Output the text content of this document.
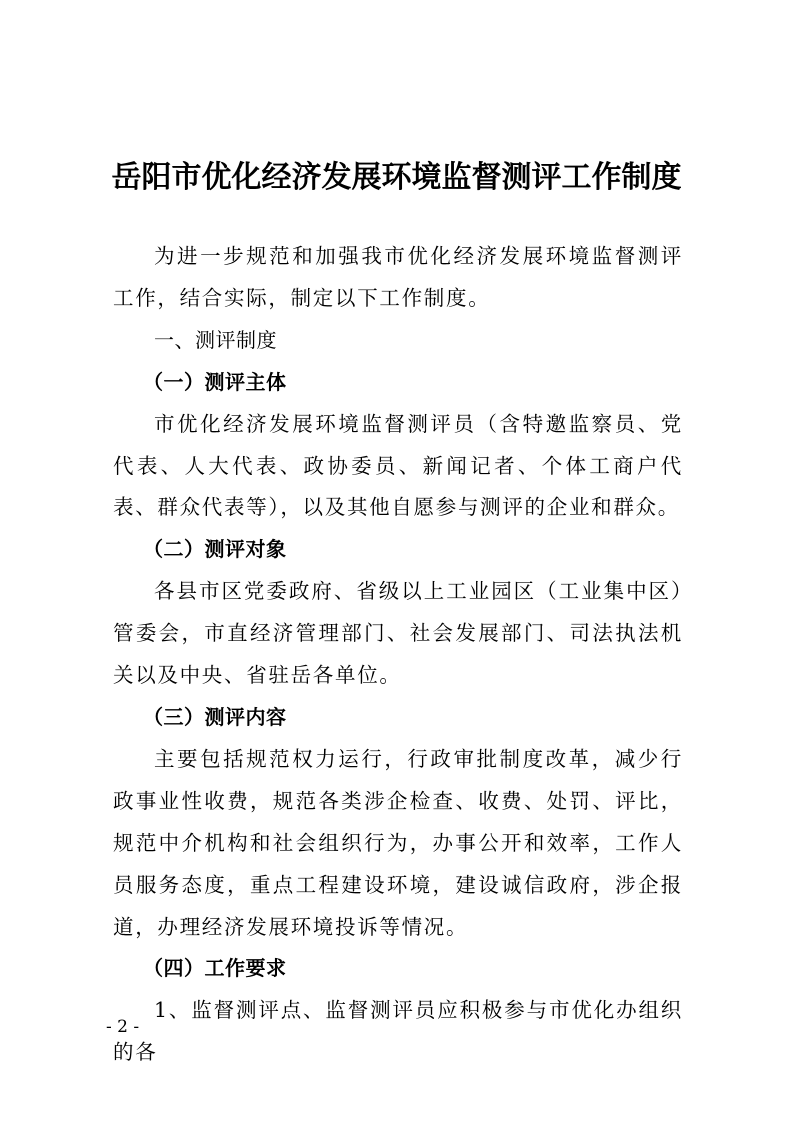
岳阳市优化经济发展环境监督测评工作制度

为进一步规范和加强我市优化经济发展环境监督测评工作，结合实际，制定以下工作制度。

一、测评制度

（一）测评主体

市优化经济发展环境监督测评员（含特邀监察员、党代表、人大代表、政协委员、新闻记者、个体工商户代表、群众代表等），以及其他自愿参与测评的企业和群众。

（二）测评对象

各县市区党委政府、省级以上工业园区（工业集中区）管委会，市直经济管理部门、社会发展部门、司法执法机关以及中央、省驻岳各单位。

（三）测评内容

主要包括规范权力运行，行政审批制度改革，减少行政事业性收费，规范各类涉企检查、收费、处罚、评比，规范中介机构和社会组织行为，办事公开和效率，工作人员服务态度，重点工程建设环境，建设诚信政府，涉企报道，办理经济发展环境投诉等情况。

（四）工作要求

1、监督测评点、监督测评员应积极参与市优化办组织的各

- 2 -
